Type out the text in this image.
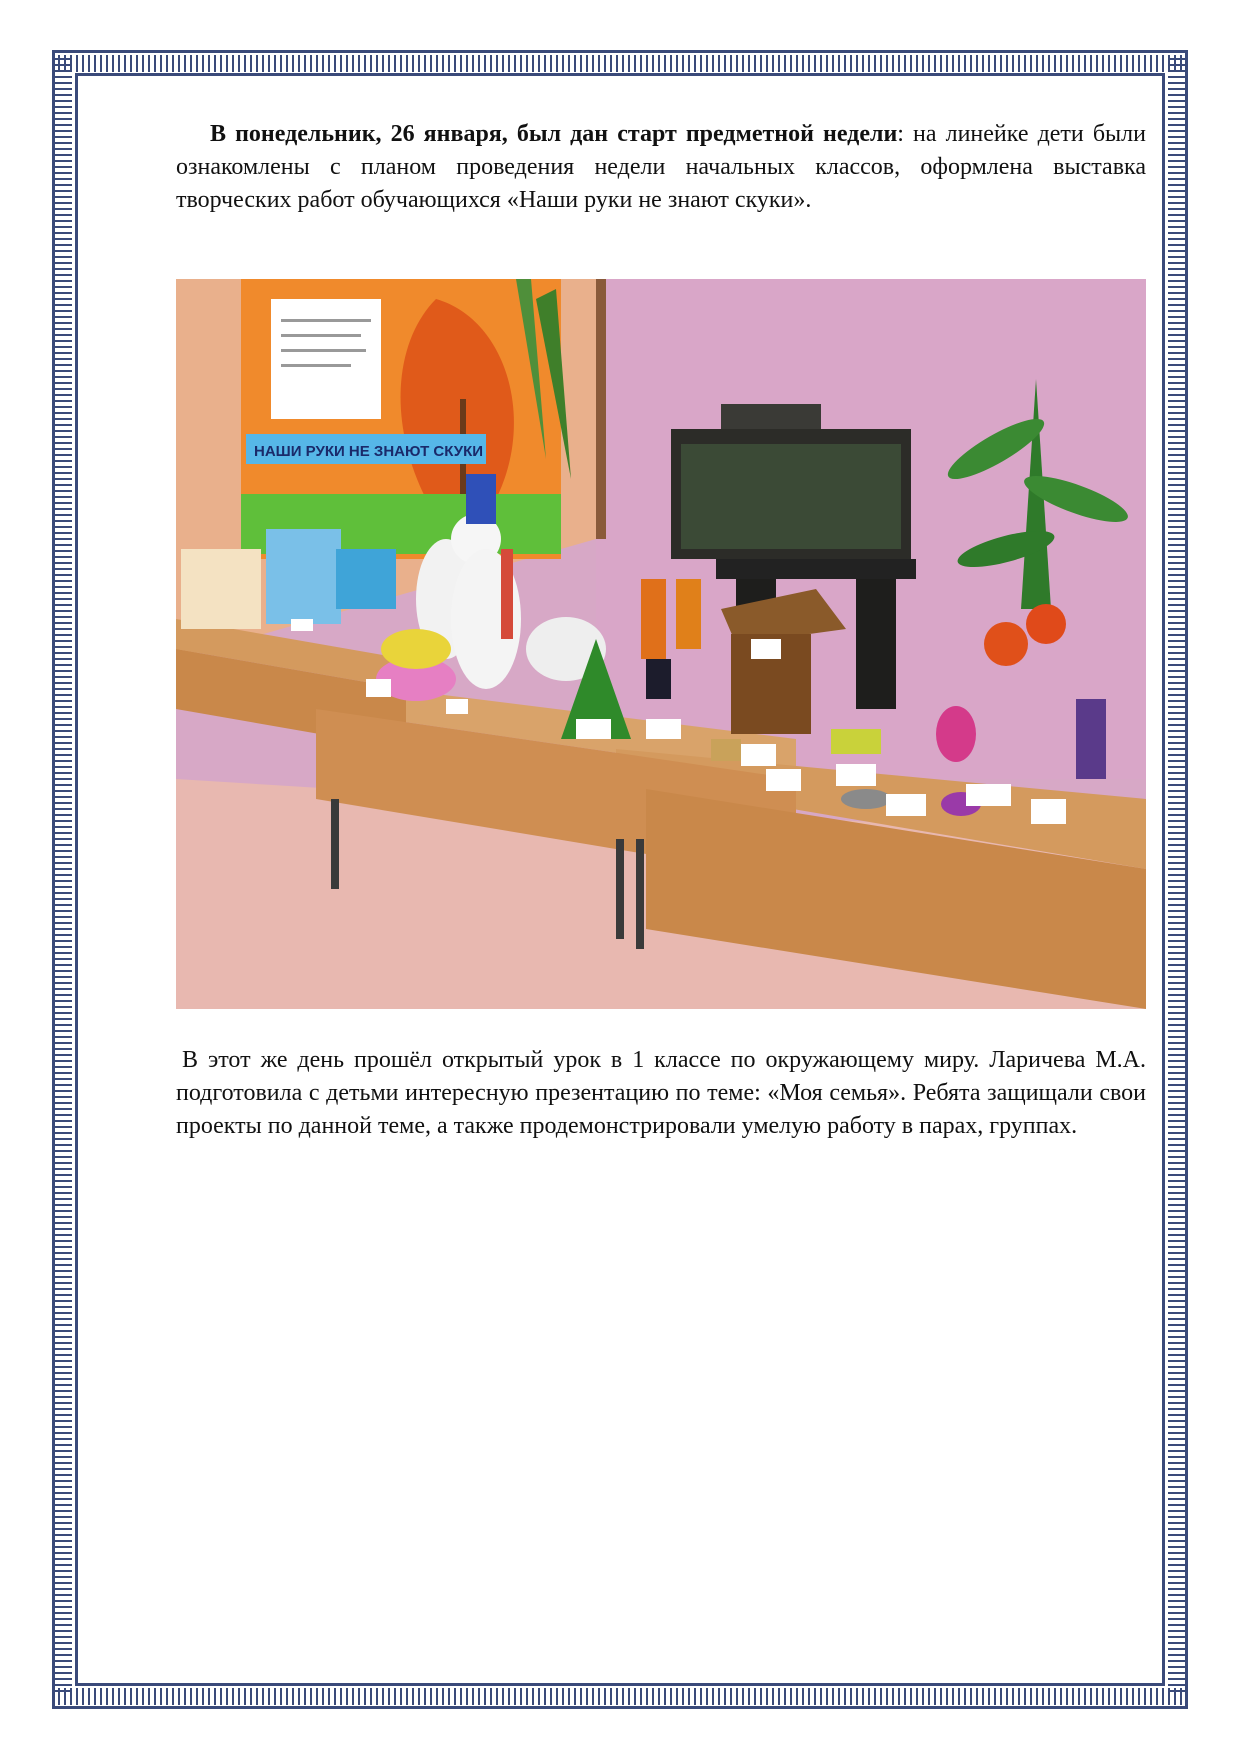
В понедельник, 26 января, был дан старт предметной недели: на линейке дети были ознакомлены с планом проведения недели начальных классов, оформлена выставка творческих работ обучающихся «Наши руки не знают скуки».

НАШИ РУКИ НЕ ЗНАЮТ СКУКИ

В этот же день прошёл открытый урок в 1 классе по окружающему миру. Ларичева М.А. подготовила с детьми интересную презентацию по теме: «Моя семья». Ребята защищали свои проекты по данной теме, а также продемонстрировали умелую работу в парах, группах.
